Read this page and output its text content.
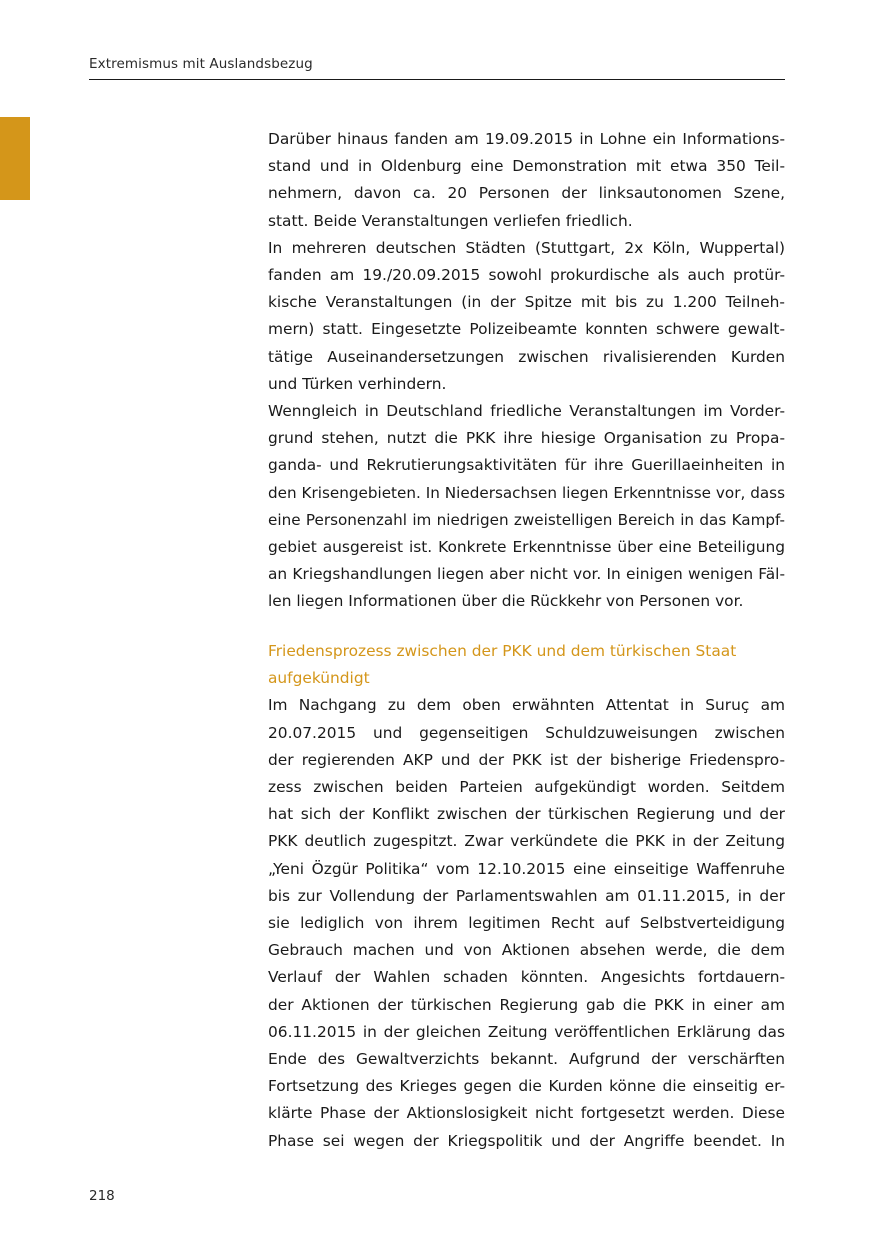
Extremismus mit Auslandsbezug

Darüber hinaus fanden am 19.09.2015 in Lohne ein Informations-
stand und in Oldenburg eine Demonstration mit etwa 350 Teil-
nehmern, davon ca. 20 Personen der linksautonomen Szene,
statt. Beide Veranstaltungen verliefen friedlich.

In mehreren deutschen Städten (Stuttgart, 2x Köln, Wuppertal)
fanden am 19./20.09.2015 sowohl prokurdische als auch protür-
kische Veranstaltungen (in der Spitze mit bis zu 1.200 Teilneh-
mern) statt. Eingesetzte Polizeibeamte konnten schwere gewalt-
tätige Auseinandersetzungen zwischen rivalisierenden Kurden
und Türken verhindern.

Wenngleich in Deutschland friedliche Veranstaltungen im Vorder-
grund stehen, nutzt die PKK ihre hiesige Organisation zu Propa-
ganda- und Rekrutierungsaktivitäten für ihre Guerillaeinheiten in
den Krisengebieten. In Niedersachsen liegen Erkenntnisse vor, dass
eine Personenzahl im niedrigen zweistelligen Bereich in das Kampf-
gebiet ausgereist ist. Konkrete Erkenntnisse über eine Beteiligung
an Kriegshandlungen liegen aber nicht vor. In einigen wenigen Fäl-
len liegen Informationen über die Rückkehr von Personen vor.

Friedensprozess zwischen der PKK und dem türkischen Staat
aufgekündigt

Im Nachgang zu dem oben erwähnten Attentat in Suruç am
20.07.2015 und gegenseitigen Schuldzuweisungen zwischen
der regierenden AKP und der PKK ist der bisherige Friedenspro-
zess zwischen beiden Parteien aufgekündigt worden. Seitdem
hat sich der Konflikt zwischen der türkischen Regierung und der
PKK deutlich zugespitzt. Zwar verkündete die PKK in der Zeitung
„Yeni Özgür Politika“ vom 12.10.2015 eine einseitige Waffenruhe
bis zur Vollendung der Parlamentswahlen am 01.11.2015, in der
sie lediglich von ihrem legitimen Recht auf Selbstverteidigung
Gebrauch machen und von Aktionen absehen werde, die dem
Verlauf der Wahlen schaden könnten. Angesichts fortdauern-
der Aktionen der türkischen Regierung gab die PKK in einer am
06.11.2015 in der gleichen Zeitung veröffentlichen Erklärung das
Ende des Gewaltverzichts bekannt. Aufgrund der verschärften
Fortsetzung des Krieges gegen die Kurden könne die einseitig er-
klärte Phase der Aktionslosigkeit nicht fortgesetzt werden. Diese
Phase sei wegen der Kriegspolitik und der Angriffe beendet. In

218
